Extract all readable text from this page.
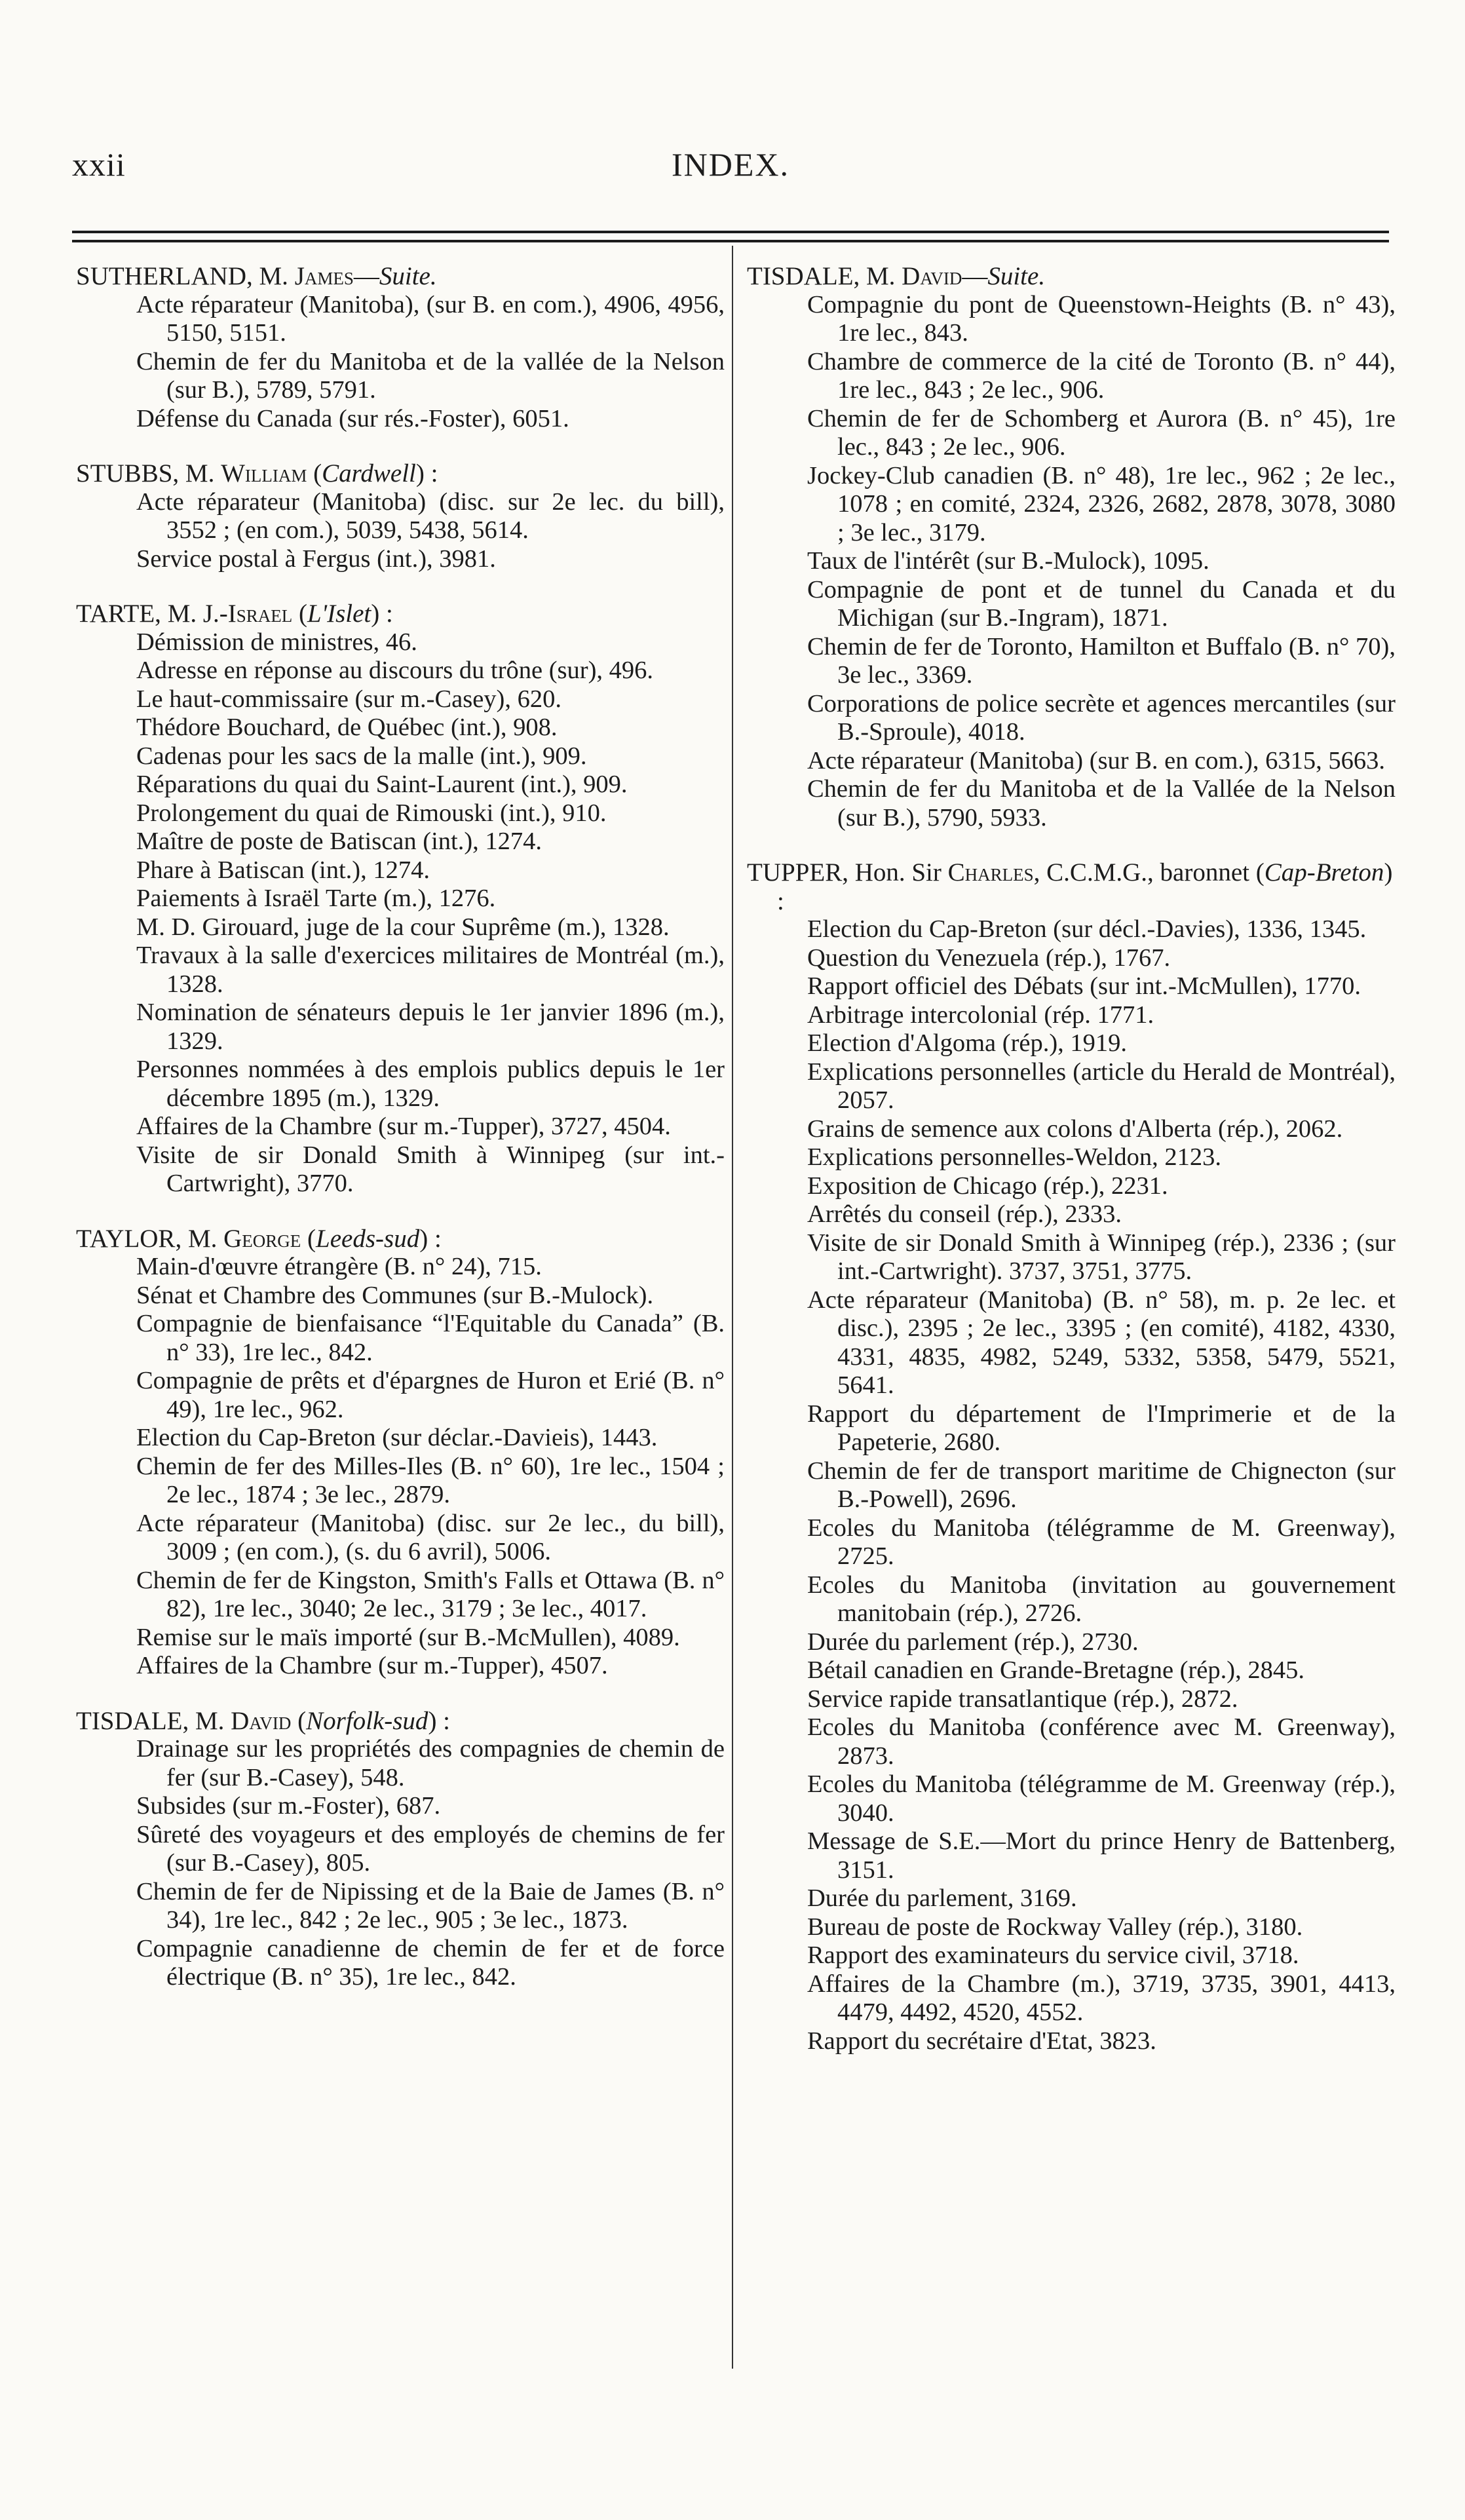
xxii	INDEX.
SUTHERLAND, M. James—Suite.
Acte réparateur (Manitoba), (sur B. en com.), 4906, 4956, 5150, 5151.
Chemin de fer du Manitoba et de la vallée de la Nelson (sur B.), 5789, 5791.
Défense du Canada (sur rés.-Foster), 6051.
STUBBS, M. William (Cardwell) :
Acte réparateur (Manitoba) (disc. sur 2e lec. du bill), 3552 ; (en com.), 5039, 5438, 5614.
Service postal à Fergus (int.), 3981.
TARTE, M. J.-Israel (L'Islet) :
Démission de ministres, 46.
Adresse en réponse au discours du trône (sur), 496.
Le haut-commissaire (sur m.-Casey), 620.
Thédore Bouchard, de Québec (int.), 908.
Cadenas pour les sacs de la malle (int.), 909.
Réparations du quai du Saint-Laurent (int.), 909.
Prolongement du quai de Rimouski (int.), 910.
Maître de poste de Batiscan (int.), 1274.
Phare à Batiscan (int.), 1274.
Paiements à Israël Tarte (m.), 1276.
M. D. Girouard, juge de la cour Suprême (m.), 1328.
Travaux à la salle d'exercices militaires de Montréal (m.), 1328.
Nomination de sénateurs depuis le 1er janvier 1896 (m.), 1329.
Personnes nommées à des emplois publics depuis le 1er décembre 1895 (m.), 1329.
Affaires de la Chambre (sur m.-Tupper), 3727, 4504.
Visite de sir Donald Smith à Winnipeg (sur int.-Cartwright), 3770.
TAYLOR, M. George (Leeds-sud) :
Main-d'œuvre étrangère (B. n° 24), 715.
Sénat et Chambre des Communes (sur B.-Mulock).
Compagnie de bienfaisance “l'Equitable du Canada” (B. n° 33), 1re lec., 842.
Compagnie de prêts et d'épargnes de Huron et Erié (B. n° 49), 1re lec., 962.
Election du Cap-Breton (sur déclar.-Davieis), 1443.
Chemin de fer des Milles-Iles (B. n° 60), 1re lec., 1504 ; 2e lec., 1874 ; 3e lec., 2879.
Acte réparateur (Manitoba) (disc. sur 2e lec., du bill), 3009 ; (en com.), (s. du 6 avril), 5006.
Chemin de fer de Kingston, Smith's Falls et Ottawa (B. n° 82), 1re lec., 3040; 2e lec., 3179 ; 3e lec., 4017.
Remise sur le maïs importé (sur B.-McMullen), 4089.
Affaires de la Chambre (sur m.-Tupper), 4507.
TISDALE, M. David (Norfolk-sud) :
Drainage sur les propriétés des compagnies de chemin de fer (sur B.-Casey), 548.
Subsides (sur m.-Foster), 687.
Sûreté des voyageurs et des employés de chemins de fer (sur B.-Casey), 805.
Chemin de fer de Nipissing et de la Baie de James (B. n° 34), 1re lec., 842 ; 2e lec., 905 ; 3e lec., 1873.
Compagnie canadienne de chemin de fer et de force électrique (B. n° 35), 1re lec., 842.
TISDALE, M. David—Suite.
Compagnie du pont de Queenstown-Heights (B. n° 43), 1re lec., 843.
Chambre de commerce de la cité de Toronto (B. n° 44), 1re lec., 843 ; 2e lec., 906.
Chemin de fer de Schomberg et Aurora (B. n° 45), 1re lec., 843 ; 2e lec., 906.
Jockey-Club canadien (B. n° 48), 1re lec., 962 ; 2e lec., 1078 ; en comité, 2324, 2326, 2682, 2878, 3078, 3080 ; 3e lec., 3179.
Taux de l'intérêt (sur B.-Mulock), 1095.
Compagnie de pont et de tunnel du Canada et du Michigan (sur B.-Ingram), 1871.
Chemin de fer de Toronto, Hamilton et Buffalo (B. n° 70), 3e lec., 3369.
Corporations de police secrète et agences mercantiles (sur B.-Sproule), 4018.
Acte réparateur (Manitoba) (sur B. en com.), 6315, 5663.
Chemin de fer du Manitoba et de la Vallée de la Nelson (sur B.), 5790, 5933.
TUPPER, Hon. Sir Charles, C.C.M.G., baronnet (Cap-Breton) :
Election du Cap-Breton (sur décl.-Davies), 1336, 1345.
Question du Venezuela (rép.), 1767.
Rapport officiel des Débats (sur int.-McMullen), 1770.
Arbitrage intercolonial (rép. 1771.
Election d'Algoma (rép.), 1919.
Explications personnelles (article du Herald de Montréal), 2057.
Grains de semence aux colons d'Alberta (rép.), 2062.
Explications personnelles-Weldon, 2123.
Exposition de Chicago (rép.), 2231.
Arrêtés du conseil (rép.), 2333.
Visite de sir Donald Smith à Winnipeg (rép.), 2336 ; (sur int.-Cartwright). 3737, 3751, 3775.
Acte réparateur (Manitoba) (B. n° 58), m. p. 2e lec. et disc.), 2395 ; 2e lec., 3395 ; (en comité), 4182, 4330, 4331, 4835, 4982, 5249, 5332, 5358, 5479, 5521, 5641.
Rapport du département de l'Imprimerie et de la Papeterie, 2680.
Chemin de fer de transport maritime de Chignecton (sur B.-Powell), 2696.
Ecoles du Manitoba (télégramme de M. Greenway), 2725.
Ecoles du Manitoba (invitation au gouvernement manitobain (rép.), 2726.
Durée du parlement (rép.), 2730.
Bétail canadien en Grande-Bretagne (rép.), 2845.
Service rapide transatlantique (rép.), 2872.
Ecoles du Manitoba (conférence avec M. Greenway), 2873.
Ecoles du Manitoba (télégramme de M. Greenway (rép.), 3040.
Message de S.E.—Mort du prince Henry de Battenberg, 3151.
Durée du parlement, 3169.
Bureau de poste de Rockway Valley (rép.), 3180.
Rapport des examinateurs du service civil, 3718.
Affaires de la Chambre (m.), 3719, 3735, 3901, 4413, 4479, 4492, 4520, 4552.
Rapport du secrétaire d'Etat, 3823.
